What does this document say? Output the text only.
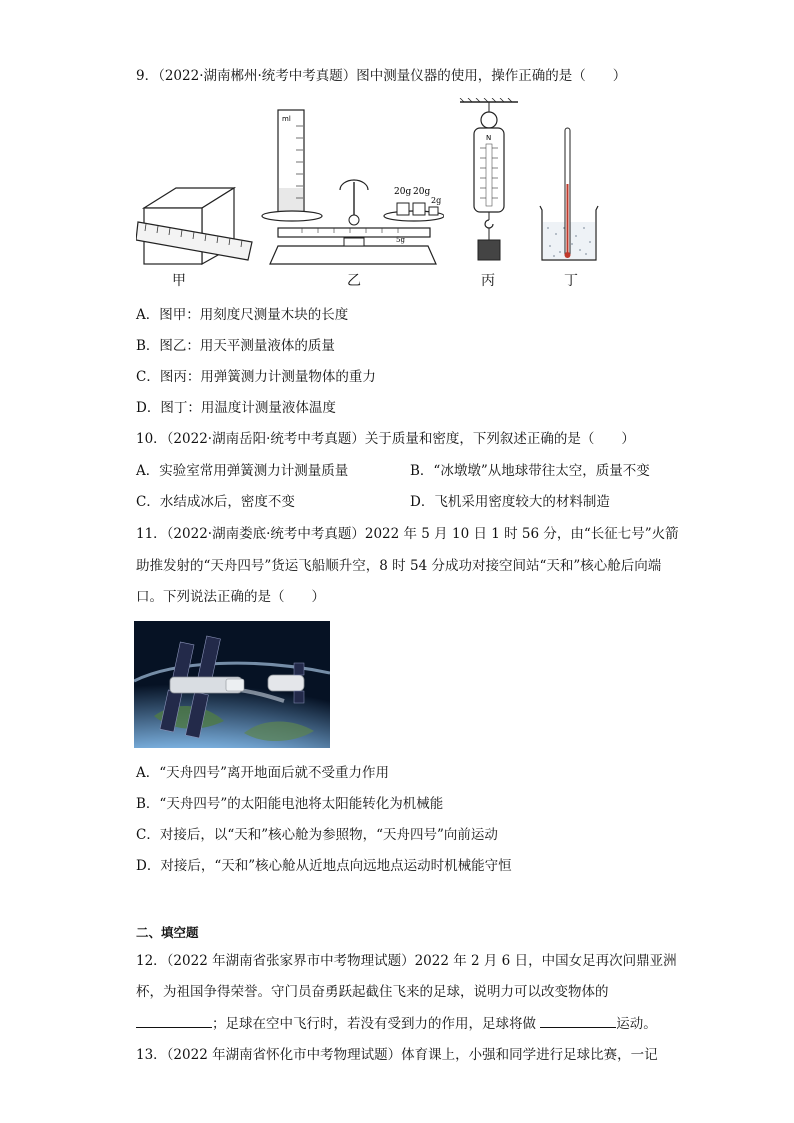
9．（2022·湖南郴州·统考中考真题）图中测量仪器的使用，操作正确的是（　　）
甲
ml
20g 20g
2g
5g
乙
N
丙	丁
A．图甲：用刻度尺测量木块的长度
B．图乙：用天平测量液体的质量
C．图丙：用弹簧测力计测量物体的重力
D．图丁：用温度计测量液体温度
10．（2022·湖南岳阳·统考中考真题）关于质量和密度，下列叙述正确的是（　　）
A．实验室常用弹簧测力计测量质量	B．“冰墩墩”从地球带往太空，质量不变
C．水结成冰后，密度不变	D．飞机采用密度较大的材料制造
11．（2022·湖南娄底·统考中考真题）2022 年 5 月 10 日 1 时 56 分，由“长征七号”火箭
助推发射的“天舟四号”货运飞船顺升空，8 时 54 分成功对接空间站“天和”核心舱后向端
口。下列说法正确的是（　　）
A．“天舟四号”离开地面后就不受重力作用
B．“天舟四号”的太阳能电池将太阳能转化为机械能
C．对接后，以“天和”核心舱为参照物，“天舟四号”向前运动
D．对接后，“天和”核心舱从近地点向远地点运动时机械能守恒
二、填空题
12．（2022 年湖南省张家界市中考物理试题）2022 年 2 月 6 日，中国女足再次问鼎亚洲
杯，为祖国争得荣誉。守门员奋勇跃起截住飞来的足球，说明力可以改变物体的
；足球在空中飞行时，若没有受到力的作用，足球将做	运动。
13．（2022 年湖南省怀化市中考物理试题）体育课上，小强和同学进行足球比赛，一记
